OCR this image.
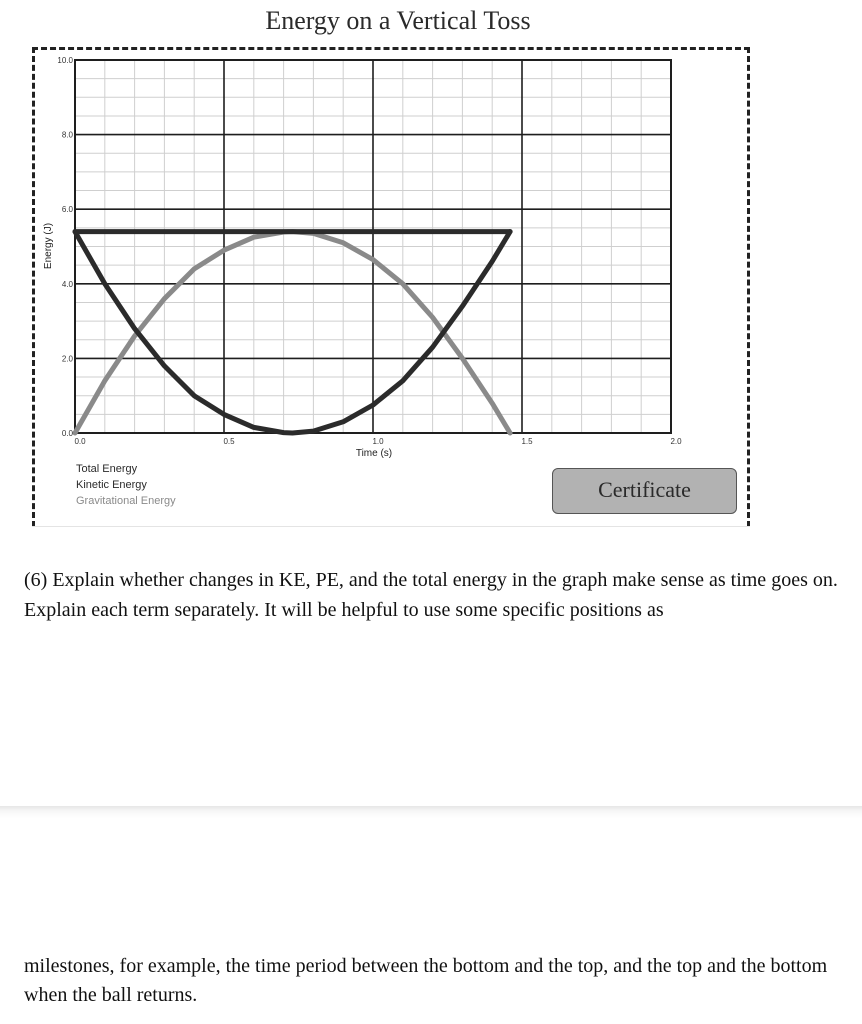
Energy on a Vertical Toss
0.0
2.0
4.0
6.0
8.0
10.0
0.0	0.5	1.0	1.5	2.0
Time (s)
Energy (J)
Total Energy
Kinetic Energy
Gravitational Energy	Certificate
(6) Explain whether changes in KE, PE, and the total energy in the graph make sense as time goes on. Explain each term separately. It will be helpful to use some specific positions as
milestones, for example, the time period between the bottom and the top, and the top and the bottom when the ball returns.
